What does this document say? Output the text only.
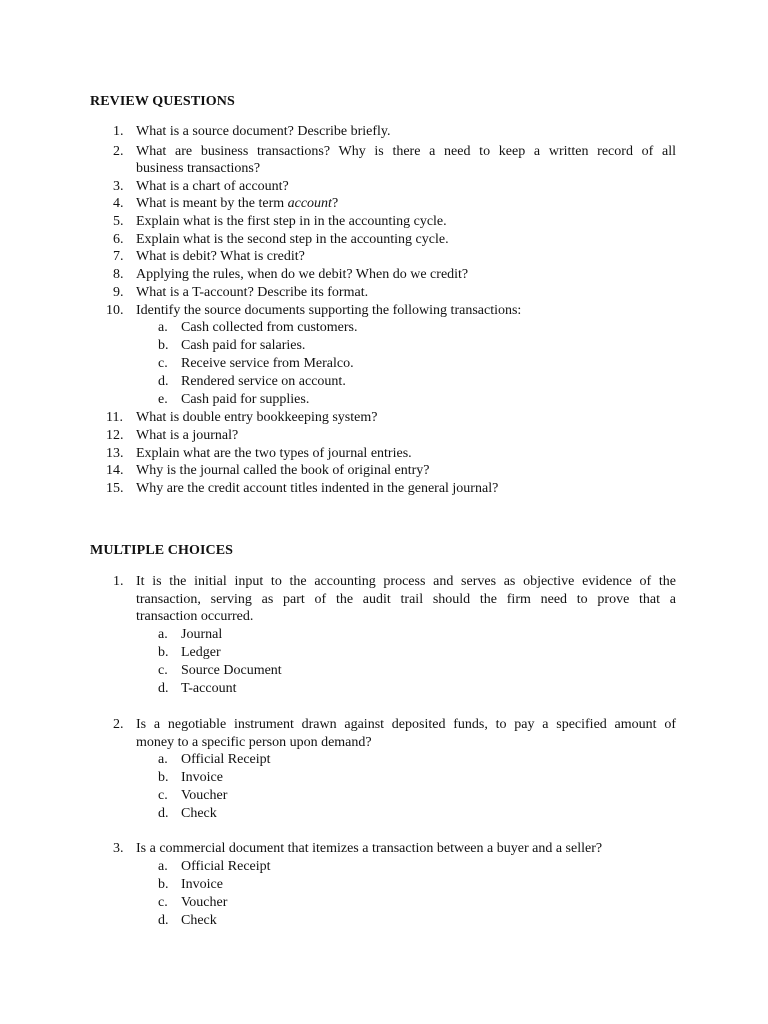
REVIEW QUESTIONS
1. What is a source document? Describe briefly.
2. What are business transactions? Why is there a need to keep a written record of all
business transactions?
3. What is a chart of account?
4. What is meant by the term account?
5. Explain what is the first step in in the accounting cycle.
6. Explain what is the second step in the accounting cycle.
7. What is debit? What is credit?
8. Applying the rules, when do we debit? When do we credit?
9. What is a T-account? Describe its format.
10. Identify the source documents supporting the following transactions:
a. Cash collected from customers.
b. Cash paid for salaries.
c. Receive service from Meralco.
d. Rendered service on account.
e. Cash paid for supplies.
11. What is double entry bookkeeping system?
12. What is a journal?
13. Explain what are the two types of journal entries.
14. Why is the journal called the book of original entry?
15. Why are the credit account titles indented in the general journal?
MULTIPLE CHOICES
1. It is the initial input to the accounting process and serves as objective evidence of the
transaction, serving as part of the audit trail should the firm need to prove that a
transaction occurred.
a. Journal
b. Ledger
c. Source Document
d. T-account
2. Is a negotiable instrument drawn against deposited funds, to pay a specified amount of
money to a specific person upon demand?
a. Official Receipt
b. Invoice
c. Voucher
d. Check
3. Is a commercial document that itemizes a transaction between a buyer and a seller?
a. Official Receipt
b. Invoice
c. Voucher
d. Check
